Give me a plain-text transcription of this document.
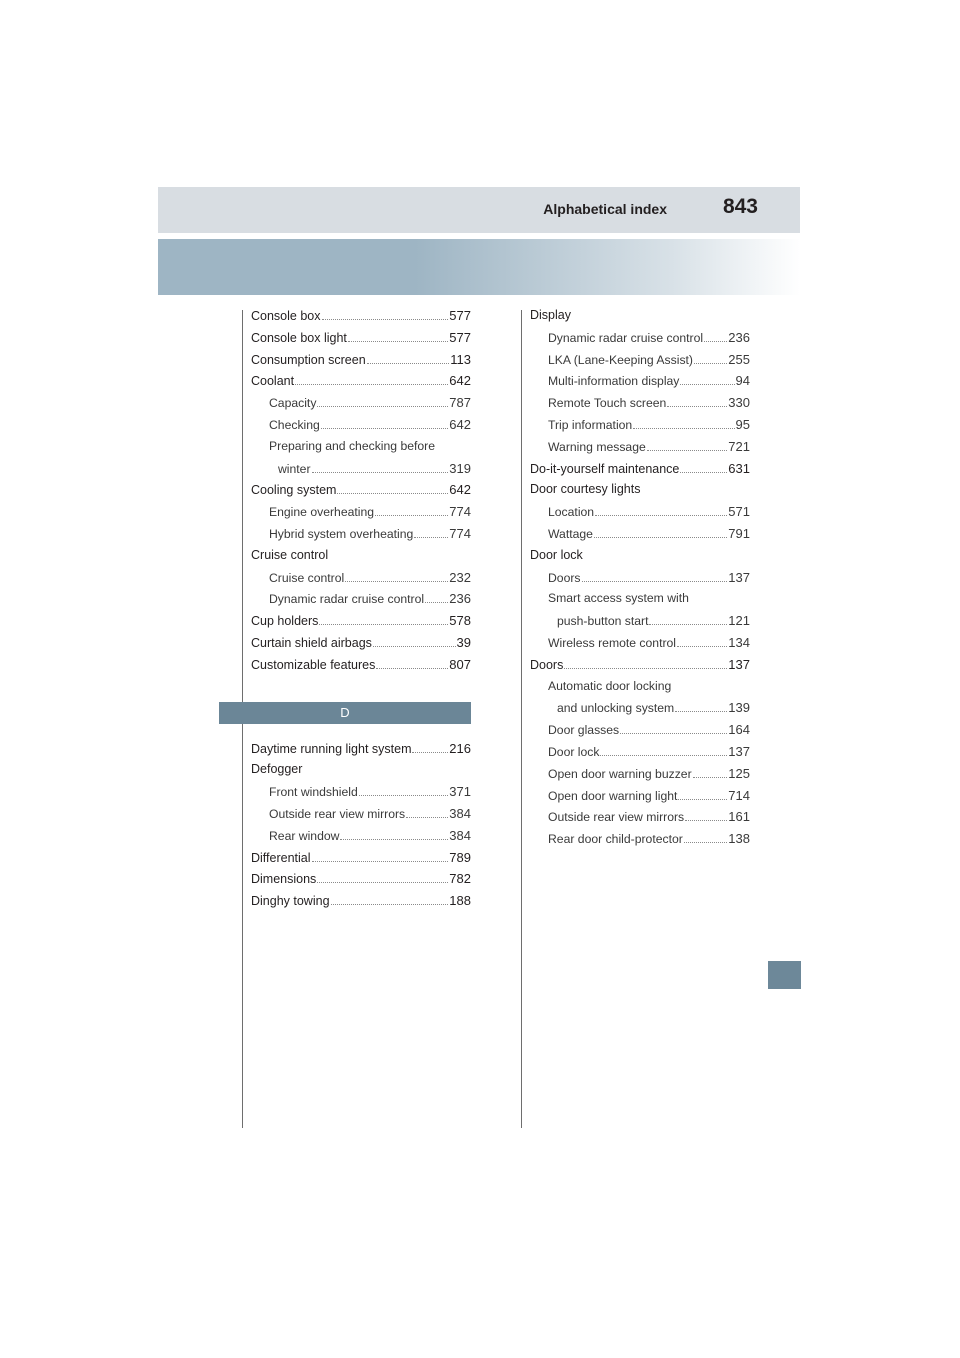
Alphabetical index	843
Console box	577
Console box light	577
Consumption screen	113
Coolant	642
Capacity	787
Checking	642
Preparing and checking before
winter	319
Cooling system	642
Engine overheating	774
Hybrid system overheating	774
Cruise control
Cruise control	232
Dynamic radar cruise control 236
Cup holders	578
Curtain shield airbags	39
Customizable features	807
D
Daytime running light system	216
Defogger
Front windshield	371
Outside rear view mirrors	384
Rear window	384
Differential	789
Dimensions	782
Dinghy towing	188
Display
Dynamic radar cruise control 236
LKA (Lane-Keeping Assist)	255
Multi-information display	94
Remote Touch screen	330
Trip information	95
Warning message	721
Do-it-yourself maintenance	631
Door courtesy lights
Location	571
Wattage	791
Door lock
Doors	137
Smart access system with
push-button start	121
Wireless remote control	134
Doors	137
Automatic door locking
and unlocking system	139
Door glasses	164
Door lock	137
Open door warning buzzer	125
Open door warning light	714
Outside rear view mirrors	161
Rear door child-protector	138
